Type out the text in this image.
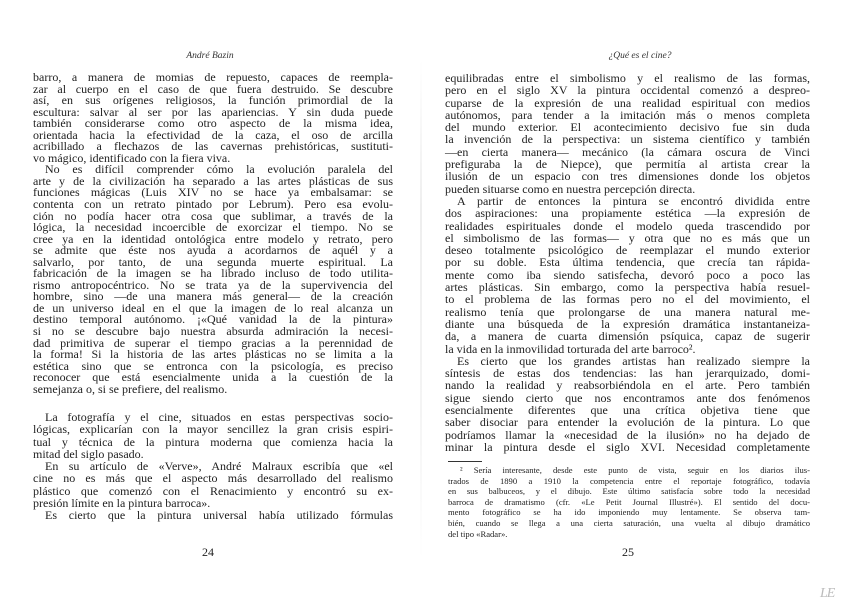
André Bazin
barro, a manera de momias de repuesto, capaces de reempla-
zar al cuerpo en el caso de que fuera destruido. Se descubre
así, en sus orígenes religiosos, la función primordial de la
escultura: salvar al ser por las apariencias. Y sin duda puede
también considerarse como otro aspecto de la misma idea,
orientada hacia la efectividad de la caza, el oso de arcilla
acribillado a flechazos de las cavernas prehistóricas, sustituti-
vo mágico, identificado con la fiera viva.
No es difícil comprender cómo la evolución paralela del
arte y de la civilización ha separado a las artes plásticas de sus
funciones mágicas (Luis XIV no se hace ya embalsamar: se
contenta con un retrato pintado por Lebrum). Pero esa evolu-
ción no podía hacer otra cosa que sublimar, a través de la
lógica, la necesidad incoercible de exorcizar el tiempo. No se
cree ya en la identidad ontológica entre modelo y retrato, pero
se admite que éste nos ayuda a acordarnos de aquél y a
salvarlo, por tanto, de una segunda muerte espiritual. La
fabricación de la imagen se ha librado incluso de todo utilita-
rismo antropocéntrico. No se trata ya de la supervivencia del
hombre, sino —de una manera más general— de la creación
de un universo ideal en el que la imagen de lo real alcanza un
destino temporal autónomo. ¡«Qué vanidad la de la pintura»
si no se descubre bajo nuestra absurda admiración la necesi-
dad primitiva de superar el tiempo gracias a la perennidad de
la forma! Si la historia de las artes plásticas no se limita a la
estética sino que se entronca con la psicología, es preciso
reconocer que está esencialmente unida a la cuestión de la
semejanza o, si se prefiere, del realismo.
La fotografía y el cine, situados en estas perspectivas socio-
lógicas, explicarían con la mayor sencillez la gran crisis espiri-
tual y técnica de la pintura moderna que comienza hacia la
mitad del siglo pasado.
En su artículo de «Verve», André Malraux escribía que «el
cine no es más que el aspecto más desarrollado del realismo
plástico que comenzó con el Renacimiento y encontró su ex-
presión límite en la pintura barroca».
Es cierto que la pintura universal había utilizado fórmulas
24
¿Qué es el cine?
equilibradas entre el simbolismo y el realismo de las formas,
pero en el siglo XV la pintura occidental comenzó a despreo-
cuparse de la expresión de una realidad espiritual con medios
autónomos, para tender a la imitación más o menos completa
del mundo exterior. El acontecimiento decisivo fue sin duda
la invención de la perspectiva: un sistema científico y también
—en cierta manera— mecánico (la cámara oscura de Vinci
prefiguraba la de Niepce), que permitía al artista crear la
ilusión de un espacio con tres dimensiones donde los objetos
pueden situarse como en nuestra percepción directa.
A partir de entonces la pintura se encontró dividida entre
dos aspiraciones: una propiamente estética —la expresión de
realidades espirituales donde el modelo queda trascendido por
el simbolismo de las formas— y otra que no es más que un
deseo totalmente psicológico de reemplazar el mundo exterior
por su doble. Esta última tendencia, que crecía tan rápida-
mente como iba siendo satisfecha, devoró poco a poco las
artes plásticas. Sin embargo, como la perspectiva había resuel-
to el problema de las formas pero no el del movimiento, el
realismo tenía que prolongarse de una manera natural me-
diante una búsqueda de la expresión dramática instantaneiza-
da, a manera de cuarta dimensión psíquica, capaz de sugerir
la vida en la inmovilidad torturada del arte barroco².
Es cierto que los grandes artistas han realizado siempre la
síntesis de estas dos tendencias: las han jerarquizado, domi-
nando la realidad y reabsorbiéndola en el arte. Pero también
sigue siendo cierto que nos encontramos ante dos fenómenos
esencialmente diferentes que una crítica objetiva tiene que
saber disociar para entender la evolución de la pintura. Lo que
podríamos llamar la «necesidad de la ilusión» no ha dejado de
minar la pintura desde el siglo XVI. Necesidad completamente
² Sería interesante, desde este punto de vista, seguir en los diarios ilus-
trados de 1890 a 1910 la competencia entre el reportaje fotográfico, todavía
en sus balbuceos, y el dibujo. Este último satisfacía sobre todo la necesidad
barroca de dramatismo (cfr. «Le Petit Journal Illustré»). El sentido del docu-
mento fotográfico se ha ido imponiendo muy lentamente. Se observa tam-
bién, cuando se llega a una cierta saturación, una vuelta al dibujo dramático
del tipo «Radar».
25
LE
